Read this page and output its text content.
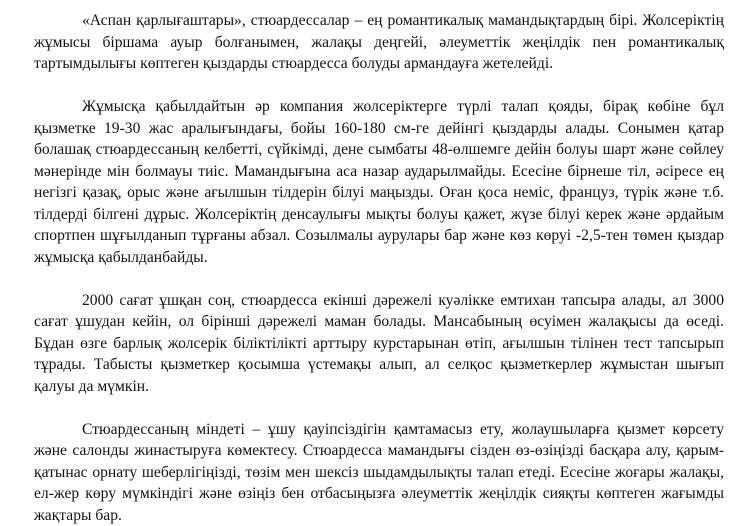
«Аспан қарлығаштары», стюардессалар – ең романтикалық мамандықтардың бірі. Жолсеріктің жұмысы біршама ауыр болғанымен, жалақы деңгейі, әлеуметтік жеңілдік пен романтикалық тартымдылығы көптеген қыздарды стюардесса болуды армандауға жетелейді.

Жұмысқа қабылдайтын әр компания жолсеріктерге түрлі талап қояды, бірақ көбіне бұл қызметке 19-30 жас аралығындағы, бойы 160-180 см-ге дейінгі қыздарды алады. Сонымен қатар болашақ стюардессаның келбетті, сүйкімді, дене сымбаты 48-өлшемге дейін болуы шарт және сөйлеу мәнерінде мін болмауы тиіс. Мамандығына аса назар аударылмайды. Есесіне бірнеше тіл, әсіресе ең негізгі қазақ, орыс және ағылшын тілдерін білуі маңызды. Оған қоса неміс, француз, түрік және т.б. тілдерді білгені дұрыс. Жолсеріктің денсаулығы мықты болуы қажет, жүзе білуі керек және әрдайым спортпен шұғылданып тұрғаны абзал. Созылмалы аурулары бар және көз көруі -2,5-тен төмен қыздар жұмысқа қабылданбайды.

2000 сағат ұшқан соң, стюардесса екінші дәрежелі куәлікке емтихан тапсыра алады, ал 3000 сағат ұшудан кейін, ол бірінші дәрежелі маман болады. Мансабының өсуімен жалақысы да өседі. Бұдан өзге барлық жолсерік біліктілікті арттыру курстарынан өтіп, ағылшын тілінен тест тапсырып тұрады. Табысты қызметкер қосымша үстемақы алып, ал селқос қызметкерлер жұмыстан шығып қалуы да мүмкін.

Стюардессаның міндеті – ұшу қауіпсіздігін қамтамасыз ету, жолаушыларға қызмет көрсету және салонды жинастыруға көмектесу. Стюардесса мамандығы сізден өз-өзіңізді басқара алу, қарым-қатынас орнату шеберлігіңізді, төзім мен шексіз шыдамдылықты талап етеді. Есесіне жоғары жалақы, ел-жер көру мүмкіндігі және өзіңіз бен отбасыңызға әлеуметтік жеңілдік сияқты көптеген жағымды жақтары бар.
